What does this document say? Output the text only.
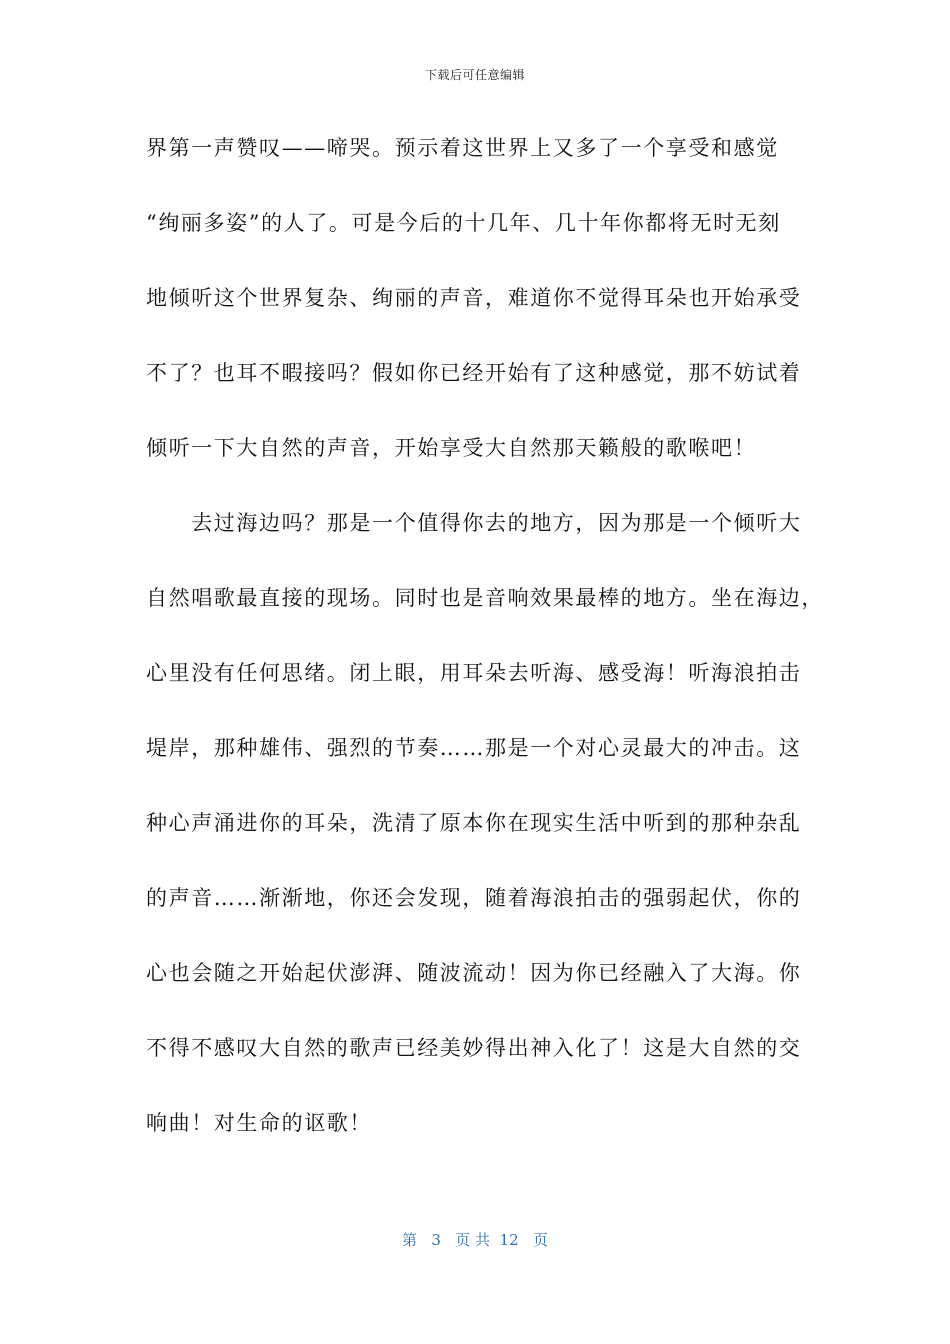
下载后可任意编辑
界第一声赞叹——啼哭。预示着这世界上又多了一个享受和感觉
“绚丽多姿”的人了。可是今后的十几年、几十年你都将无时无刻
地倾听这个世界复杂、绚丽的声音，难道你不觉得耳朵也开始承受
不了？也耳不暇接吗？假如你已经开始有了这种感觉，那不妨试着
倾听一下大自然的声音，开始享受大自然那天籁般的歌喉吧！
　　去过海边吗？那是一个值得你去的地方，因为那是一个倾听大
自然唱歌最直接的现场。同时也是音响效果最棒的地方。坐在海边，
心里没有任何思绪。闭上眼，用耳朵去听海、感受海！听海浪拍击
堤岸，那种雄伟、强烈的节奏……那是一个对心灵最大的冲击。这
种心声涌进你的耳朵，洗清了原本你在现实生活中听到的那种杂乱
的声音……渐渐地，你还会发现，随着海浪拍击的强弱起伏，你的
心也会随之开始起伏澎湃、随波流动！因为你已经融入了大海。你
不得不感叹大自然的歌声已经美妙得出神入化了！这是大自然的交
响曲！对生命的讴歌！
第 3 页 共 12 页
